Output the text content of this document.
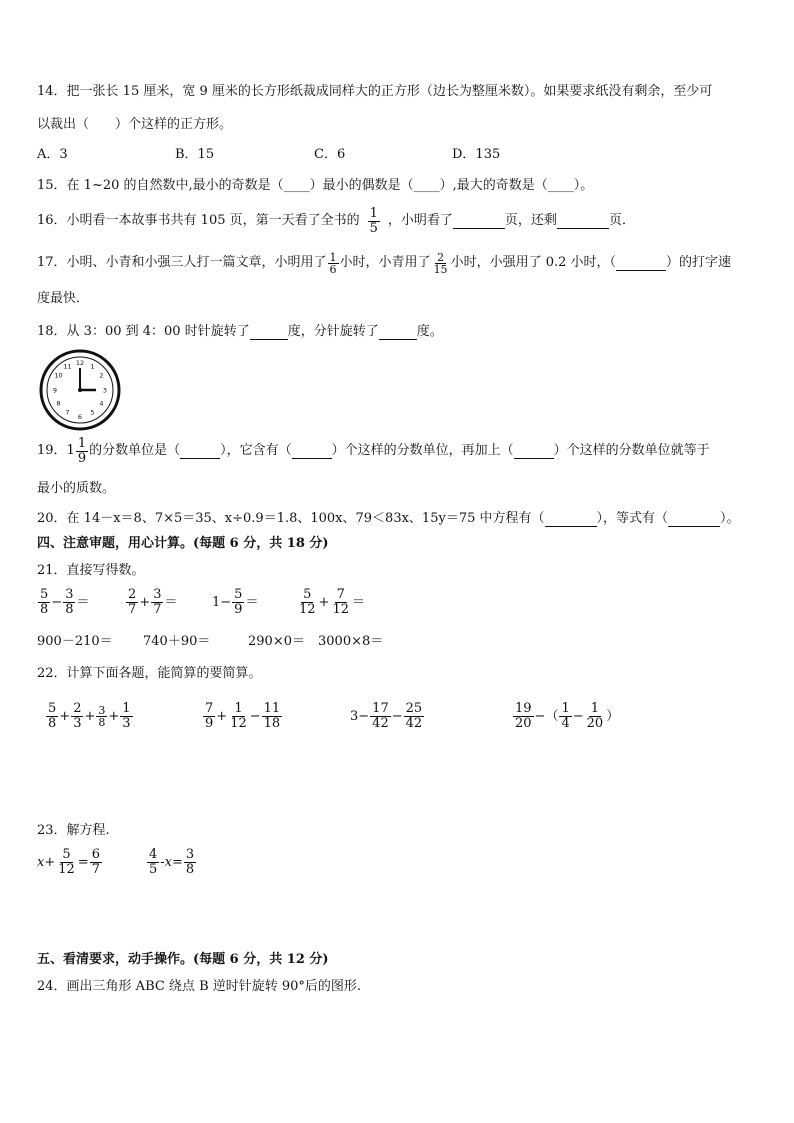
14．把一张长 15 厘米，宽 9 厘米的长方形纸裁成同样大的正方形（边长为整厘米数）。如果要求纸没有剩余，至少可
以裁出（　　）个这样的正方形。
A．3	B．15	C．6	D．135
15．在 1~20 的自然数中,最小的奇数是（____）最小的偶数是（____）,最大的奇数是（____）。
16．小明看一本故事书共有 105 页，第一天看了全书的 $\frac{1}{5}$ ，小明看了	页，还剩	页．
17．小明、小青和小强三人打一篇文章，小明用了 $\frac{1}{6}$ 小时，小青用了 $\frac{2}{15}$ 小时，小强用了 0.2 小时，（	）的打字速
度最快．
18．从 3：00 到 4：00 时针旋转了	度，分针旋转了	度。
12 1
2
3
4
5
6
7
8
9
10
11
19． $1 \frac{1}{9}$ 的分数单位是（	），它含有（	）个这样的分数单位，再加上（	）个这样的分数单位就等于
最小的质数。
20．在 14－x＝8、7×5＝35、x÷0.9＝1.8、100x、79＜83x、15y＝75 中方程有（	），等式有（	）。
四、注意审题，用心计算。(每题 6 分，共 18 分)
21．直接写得数。
$\frac{5}{8} - \frac{3}{8}$ ＝	$\frac{2}{7} + \frac{3}{7}$ ＝	$1- \frac{5}{9}$ ＝	$\frac{5}{12} + \frac{7}{12}$ ＝
900－210＝ 740＋90＝	290×0＝ 3000×8＝
22．计算下面各题，能简算的要简算。
$\frac{5}{8} + \frac{2}{3} + \frac{3}{8} + \frac{1}{3}$	$\frac{7}{9} + \frac{1}{12} - \frac{11}{18}$	$3- \frac{17}{42} - \frac{25}{42}$	$\frac{19}{20}$ −（ $\frac{1}{4} - \frac{1}{20}$ ）
23．解方程.
$x+ \frac{5}{12} = \frac{6}{7}$	$\frac{4}{5} -x= \frac{3}{8}$
五、看清要求，动手操作。(每题 6 分，共 12 分)
24．画出三角形 ABC 绕点 B 逆时针旋转 90°后的图形.
